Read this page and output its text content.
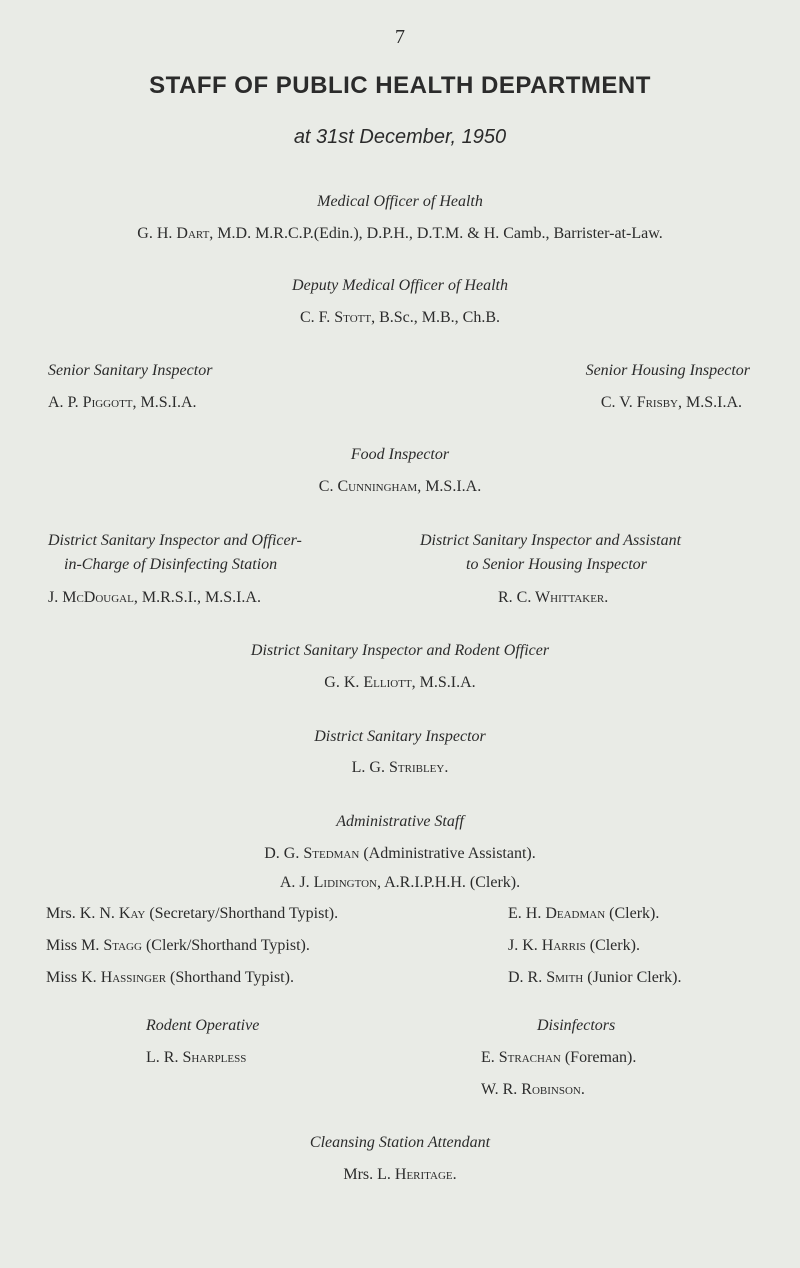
7
STAFF OF PUBLIC HEALTH DEPARTMENT
at 31st December, 1950
Medical Officer of Health
G. H. Dart, M.D. M.R.C.P.(Edin.), D.P.H., D.T.M. & H. Camb., Barrister-at-Law.
Deputy Medical Officer of Health
C. F. Stott, B.Sc., M.B., Ch.B.
Senior Sanitary Inspector
A. P. Piggott, M.S.I.A.
Senior Housing Inspector
C. V. Frisby, M.S.I.A.
Food Inspector
C. Cunningham, M.S.I.A.
District Sanitary Inspector and Officer-
in-Charge of Disinfecting Station
J. McDougal, M.R.S.I., M.S.I.A.
District Sanitary Inspector and Assistant
to Senior Housing Inspector
R. C. Whittaker.
District Sanitary Inspector and Rodent Officer
G. K. Elliott, M.S.I.A.
District Sanitary Inspector
L. G. Stribley.
Administrative Staff
D. G. Stedman (Administrative Assistant).
A. J. Lidington, A.R.I.P.H.H. (Clerk).
Mrs. K. N. Kay (Secretary/Shorthand Typist).
Miss M. Stagg (Clerk/Shorthand Typist).
Miss K. Hassinger (Shorthand Typist).
E. H. Deadman (Clerk).
J. K. Harris (Clerk).
D. R. Smith (Junior Clerk).
Rodent Operative
L. R. Sharpless
Disinfectors
E. Strachan (Foreman).
W. R. Robinson.
Cleansing Station Attendant
Mrs. L. Heritage.
